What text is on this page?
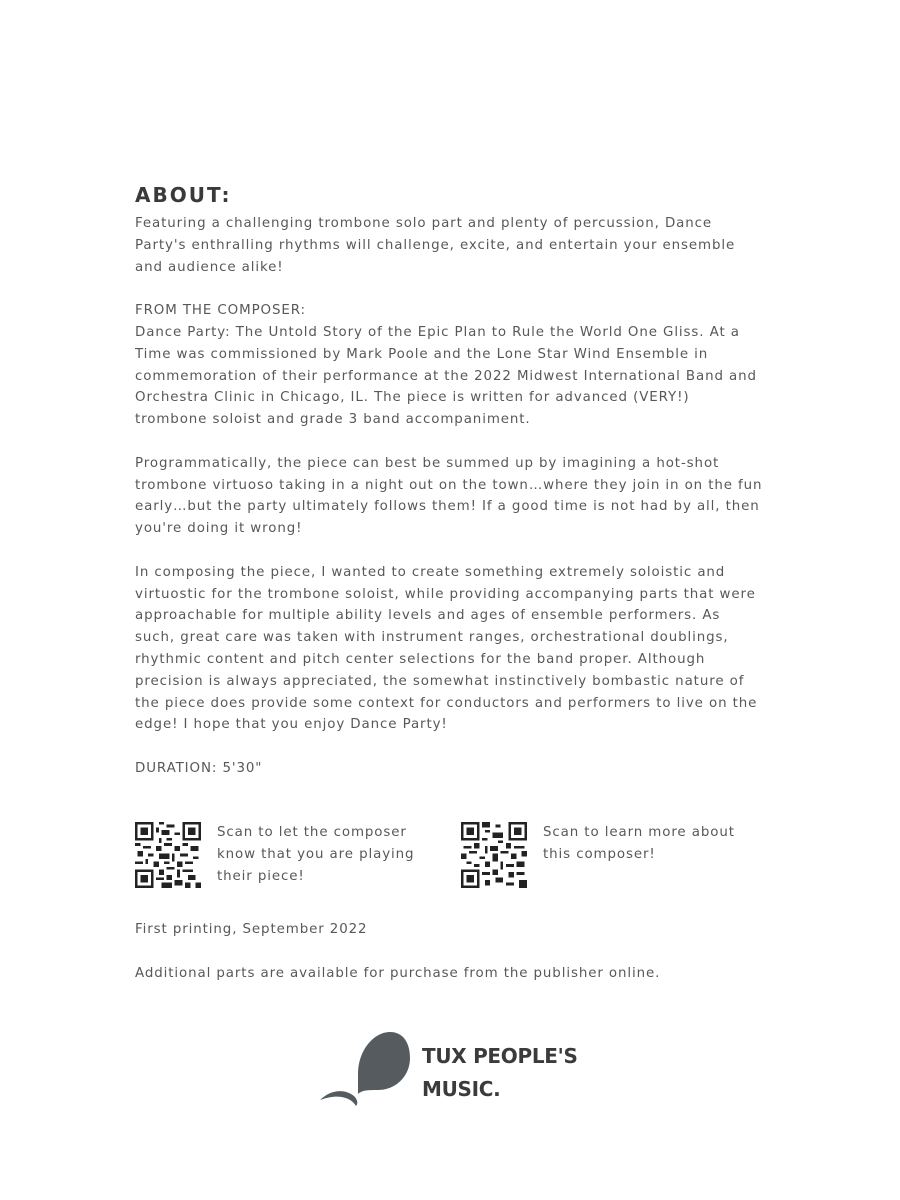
ABOUT:

Featuring a challenging trombone solo part and plenty of percussion, Dance Party's enthralling rhythms will challenge, excite, and entertain your ensemble and audience alike!

FROM THE COMPOSER:

Dance Party: The Untold Story of the Epic Plan to Rule the World One Gliss. At a Time was commissioned by Mark Poole and the Lone Star Wind Ensemble in commemoration of their performance at the 2022 Midwest International Band and Orchestra Clinic in Chicago, IL. The piece is written for advanced (VERY!) trombone soloist and grade 3 band accompaniment.

Programmatically, the piece can best be summed up by imagining a hot-shot trombone virtuoso taking in a night out on the town…where they join in on the fun early…but the party ultimately follows them! If a good time is not had by all, then you're doing it wrong!

In composing the piece, I wanted to create something extremely soloistic and virtuostic for the trombone soloist, while providing accompanying parts that were approachable for multiple ability levels and ages of ensemble performers. As such, great care was taken with instrument ranges, orchestrational doublings, rhythmic content and pitch center selections for the band proper. Although precision is always appreciated, the somewhat instinctively bombastic nature of the piece does provide some context for conductors and performers to live on the edge! I hope that you enjoy Dance Party!

DURATION: 5'30"

Scan to let the composer know that you are playing their piece!
Scan to learn more about this composer!
First printing, September 2022
Additional parts are available for purchase from the publisher online.
TUX PEOPLE'S
MUSIC.
